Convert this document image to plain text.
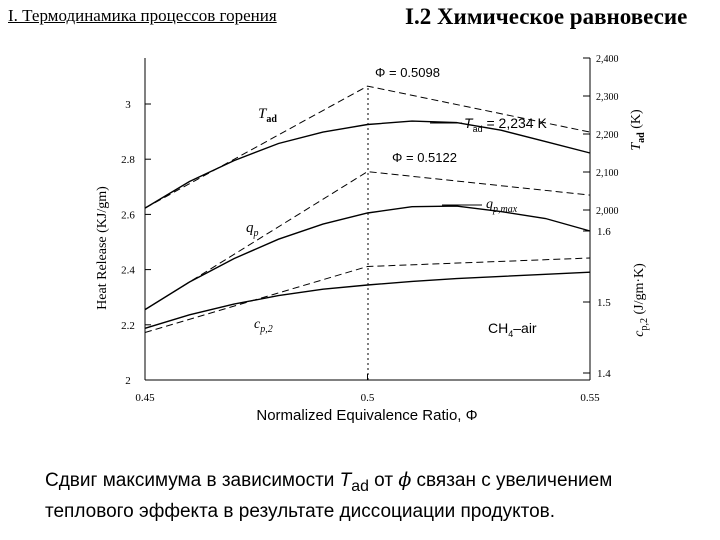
I. Термодинамика процессов горения	I.2 Химическое равновесие
2
2.2
2.4
2.6
2.8
3
0.45	0.5	0.55
2,000
2,100
2,200
2,300
2,400
1.4
1.5
1.6
Normalized Equivalence Ratio, Φ
Heat Release (KJ/gm)
$T_{ad}$ (K)
$c_{p,2}$ (J/gm·K)
$T_{ad}$
$q_p$
$c_{p,2}$
Φ = 0.5098
$T_{ad} = 2,234$ K
Φ = 0.5122
$q_{p,max}$
$CH_4$–air
Сдвиг максимума в зависимости $T_{ad}$ от ϕ связан с увеличением теплового эффекта в результате диссоциации продуктов.
